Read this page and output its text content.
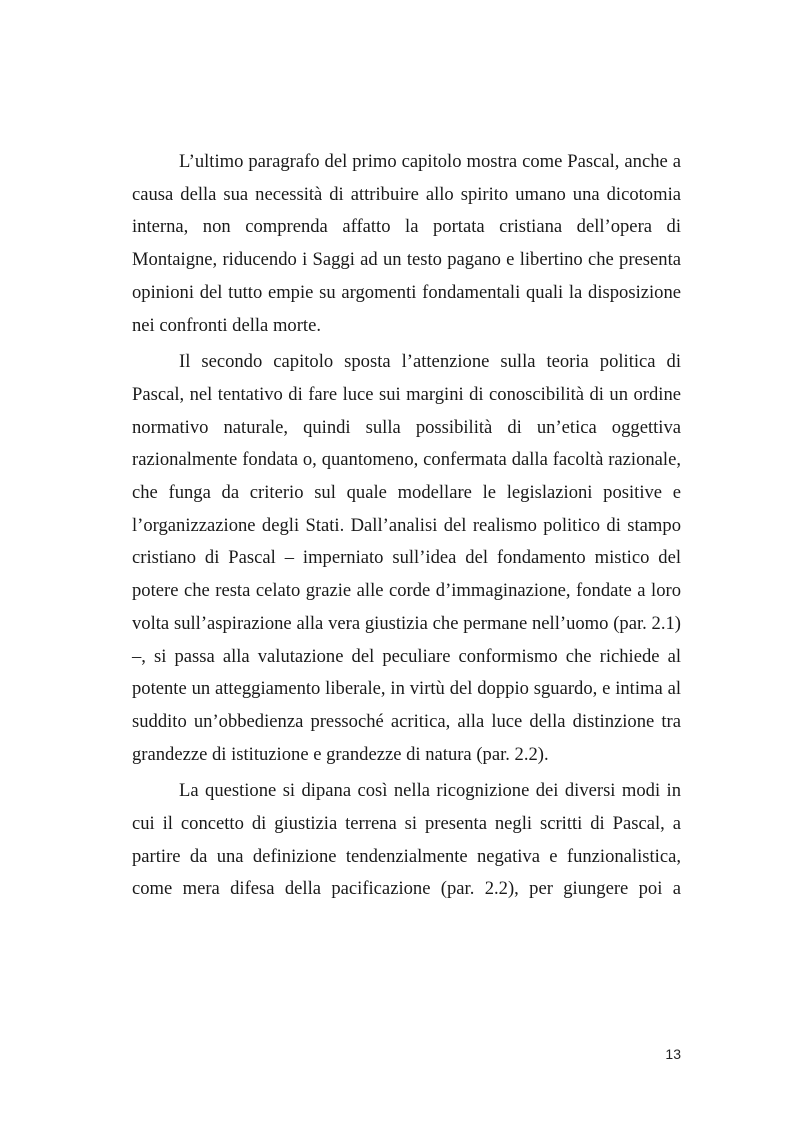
L’ultimo paragrafo del primo capitolo mostra come Pascal, anche a causa della sua necessità di attribuire allo spirito umano una dicotomia interna, non comprenda affatto la portata cristiana dell’opera di Montaigne, riducendo i Saggi ad un testo pagano e libertino che presenta opinioni del tutto empie su argomenti fondamentali quali la disposizione nei confronti della morte.

Il secondo capitolo sposta l’attenzione sulla teoria politica di Pascal, nel tentativo di fare luce sui margini di conoscibilità di un ordine normativo naturale, quindi sulla possibilità di un’etica oggettiva razionalmente fondata o, quantomeno, confermata dalla facoltà razionale, che funga da criterio sul quale modellare le legislazioni positive e l’organizzazione degli Stati. Dall’analisi del realismo politico di stampo cristiano di Pascal – imperniato sull’idea del fondamento mistico del potere che resta celato grazie alle corde d’immaginazione, fondate a loro volta sull’aspirazione alla vera giustizia che permane nell’uomo (par. 2.1) –, si passa alla valutazione del peculiare conformismo che richiede al potente un atteggiamento liberale, in virtù del doppio sguardo, e intima al suddito un’obbedienza pressoché acritica, alla luce della distinzione tra grandezze di istituzione e grandezze di natura (par. 2.2).

La questione si dipana così nella ricognizione dei diversi modi in cui il concetto di giustizia terrena si presenta negli scritti di Pascal, a partire da una definizione tendenzialmente negativa e funzionalistica, come mera difesa della pacificazione (par. 2.2), per giungere poi a

13
